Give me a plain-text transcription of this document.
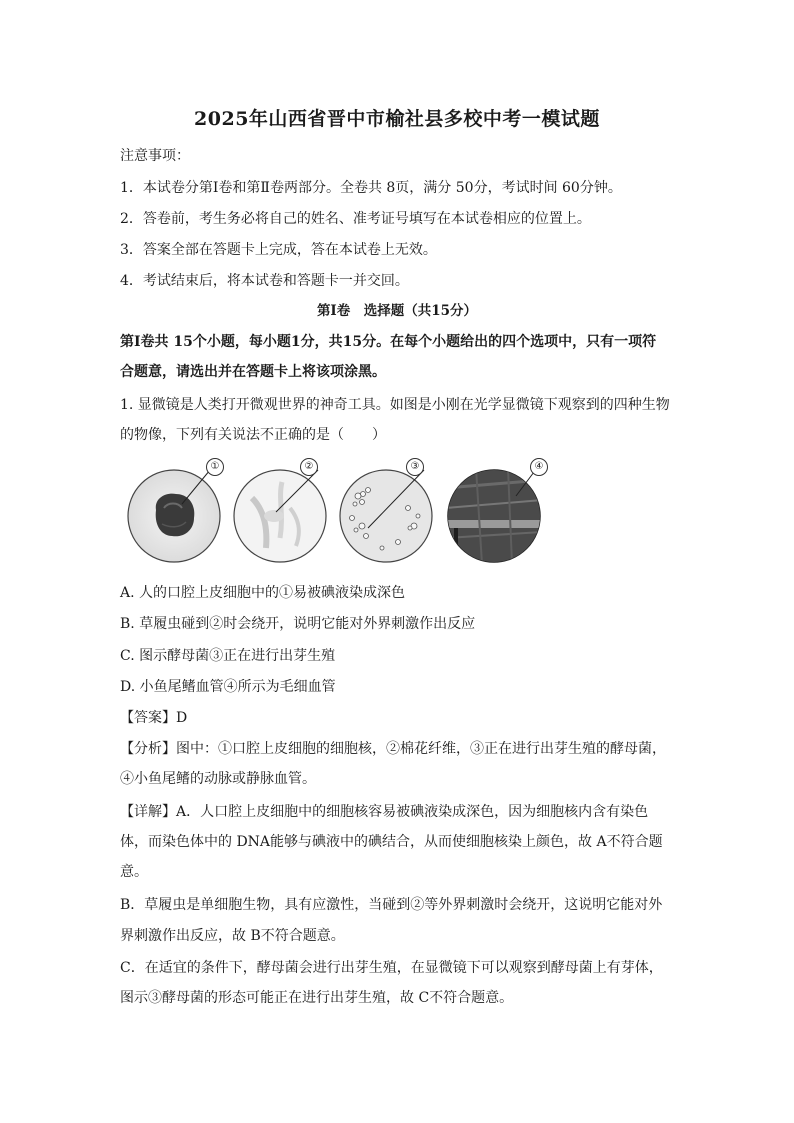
2025年山西省晋中市榆社县多校中考一模试题
注意事项：
1．本试卷分第Ⅰ卷和第Ⅱ卷两部分。全卷共 8页，满分 50分，考试时间 60分钟。
2．答卷前，考生务必将自己的姓名、准考证号填写在本试卷相应的位置上。
3．答案全部在答题卡上完成，答在本试卷上无效。
4．考试结束后，将本试卷和答题卡一并交回。
第Ⅰ卷　选择题（共15分）
第Ⅰ卷共 15个小题，每小题1分，共15分。在每个小题给出的四个选项中，只有一项符
合题意，请选出并在答题卡上将该项涂黑。
1. 显微镜是人类打开微观世界的神奇工具。如图是小刚在光学显微镜下观察到的四种生物
的物像，下列有关说法不正确的是（　　）
①	②	③	④
A. 人的口腔上皮细胞中的①易被碘液染成深色
B. 草履虫碰到②时会绕开，说明它能对外界刺激作出反应
C. 图示酵母菌③正在进行出芽生殖
D. 小鱼尾鳍血管④所示为毛细血管
【答案】D
【分析】图中：①口腔上皮细胞的细胞核，②棉花纤维，③正在进行出芽生殖的酵母菌，
④小鱼尾鳍的动脉或静脉血管。
【详解】A．人口腔上皮细胞中的细胞核容易被碘液染成深色，因为细胞核内含有染色
体，而染色体中的 DNA能够与碘液中的碘结合，从而使细胞核染上颜色，故 A不符合题
意。
B．草履虫是单细胞生物，具有应激性，当碰到②等外界刺激时会绕开，这说明它能对外
界刺激作出反应，故 B不符合题意。
C．在适宜的条件下，酵母菌会进行出芽生殖，在显微镜下可以观察到酵母菌上有芽体，
图示③酵母菌的形态可能正在进行出芽生殖，故 C不符合题意。
